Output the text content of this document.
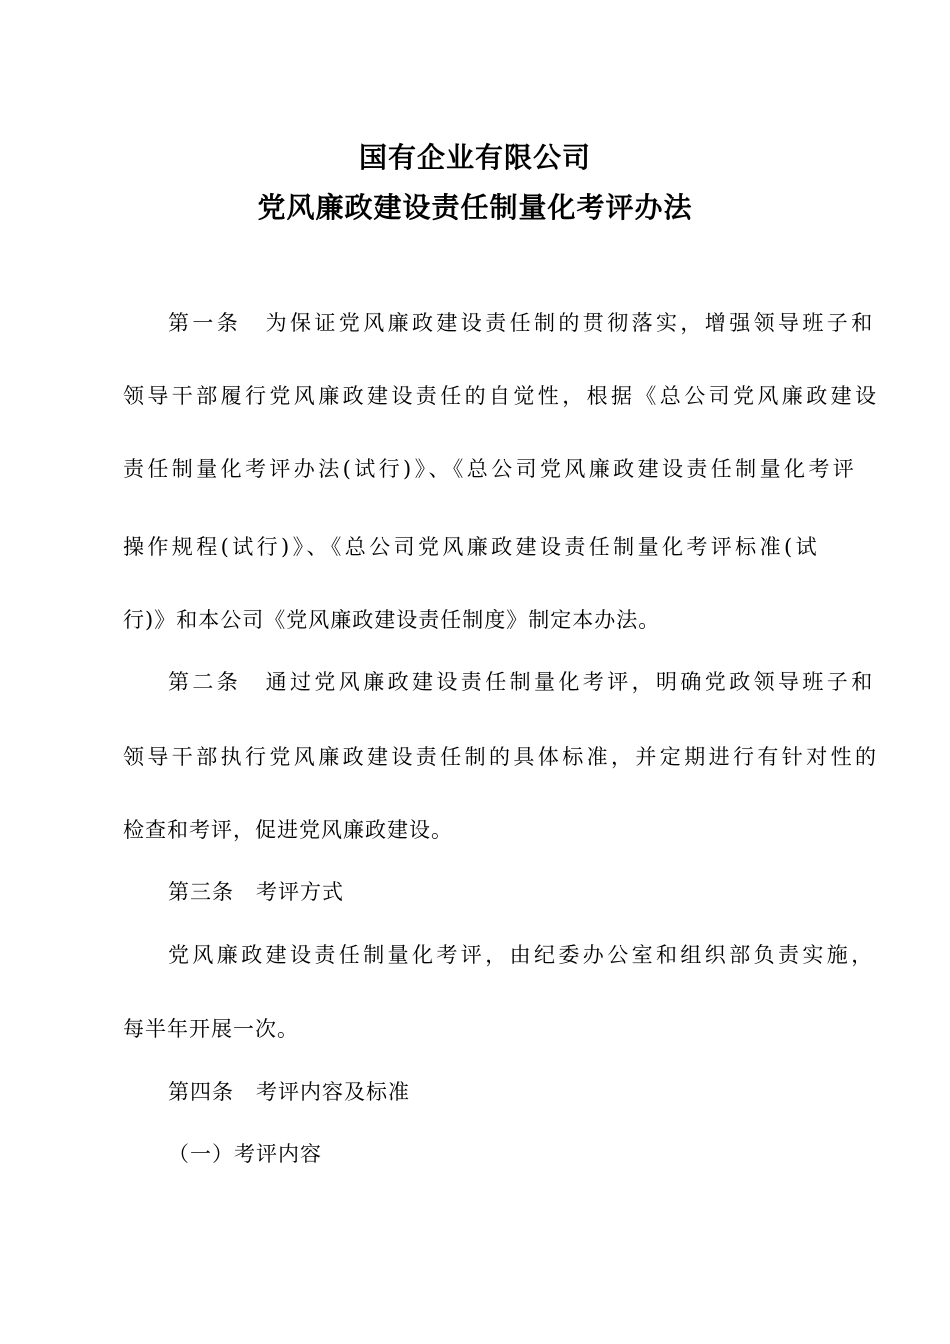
国有企业有限公司
党风廉政建设责任制量化考评办法
第一条　为保证党风廉政建设责任制的贯彻落实，增强领导班子和
领导干部履行党风廉政建设责任的自觉性，根据《总公司党风廉政建设
责任制量化考评办法(试行)》、《总公司党风廉政建设责任制量化考评
操作规程(试行)》、《总公司党风廉政建设责任制量化考评标准(试
行)》和本公司《党风廉政建设责任制度》制定本办法。
第二条　通过党风廉政建设责任制量化考评，明确党政领导班子和
领导干部执行党风廉政建设责任制的具体标准，并定期进行有针对性的
检查和考评，促进党风廉政建设。
第三条　考评方式
党风廉政建设责任制量化考评，由纪委办公室和组织部负责实施，
每半年开展一次。
第四条　考评内容及标准
（一）考评内容
